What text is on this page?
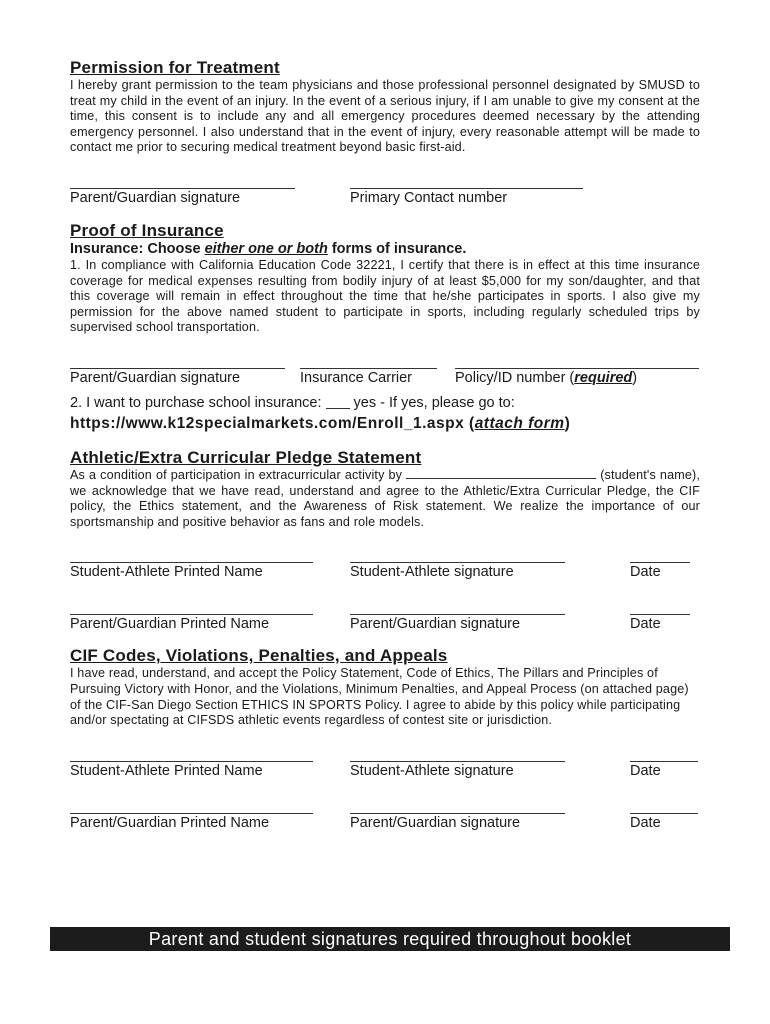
Permission for Treatment

I hereby grant permission to the team physicians and those professional personnel designated by SMUSD to treat my child in the event of an injury. In the event of a serious injury, if I am unable to give my consent at the time, this consent is to include any and all emergency procedures deemed necessary by the attending emergency personnel. I also understand that in the event of injury, every reasonable attempt will be made to contact me prior to securing medical treatment beyond basic first-aid.

Parent/Guardian signature	Primary Contact number
Proof of Insurance

Insurance: Choose either one or both forms of insurance.

1. In compliance with California Education Code 32221, I certify that there is in effect at this time insurance coverage for medical expenses resulting from bodily injury of at least $5,000 for my son/daughter, and that this coverage will remain in effect throughout the time that he/she participates in sports. I also give my permission for the above named student to participate in sports, including regularly scheduled trips by supervised school transportation.

Parent/Guardian signature	Insurance Carrier	Policy/ID number (required)
2. I want to purchase school insurance:  yes - If yes, please go to:
https://www.k12specialmarkets.com/Enroll_1.aspx (attach form)
Athletic/Extra Curricular Pledge Statement

As a condition of participation in extracurricular activity by	(student's name), we acknowledge that we have read, understand and agree to the Athletic/Extra Curricular Pledge, the CIF policy, the Ethics statement, and the Awareness of Risk statement. We realize the importance of our sportsmanship and positive behavior as fans and role models.

Student-Athlete Printed Name	Student-Athlete signature	Date
Parent/Guardian Printed Name	Parent/Guardian signature	Date
CIF Codes, Violations, Penalties, and Appeals

I have read, understand, and accept the Policy Statement, Code of Ethics, The Pillars and Principles of Pursuing Victory with Honor, and the Violations, Minimum Penalties, and Appeal Process (on attached page) of the CIF-San Diego Section ETHICS IN SPORTS Policy. I agree to abide by this policy while participating and/or spectating at CIFSDS athletic events regardless of contest site or jurisdiction.

Student-Athlete Printed Name	Student-Athlete signature	Date
Parent/Guardian Printed Name	Parent/Guardian signature	Date
Parent and student signatures required throughout booklet
